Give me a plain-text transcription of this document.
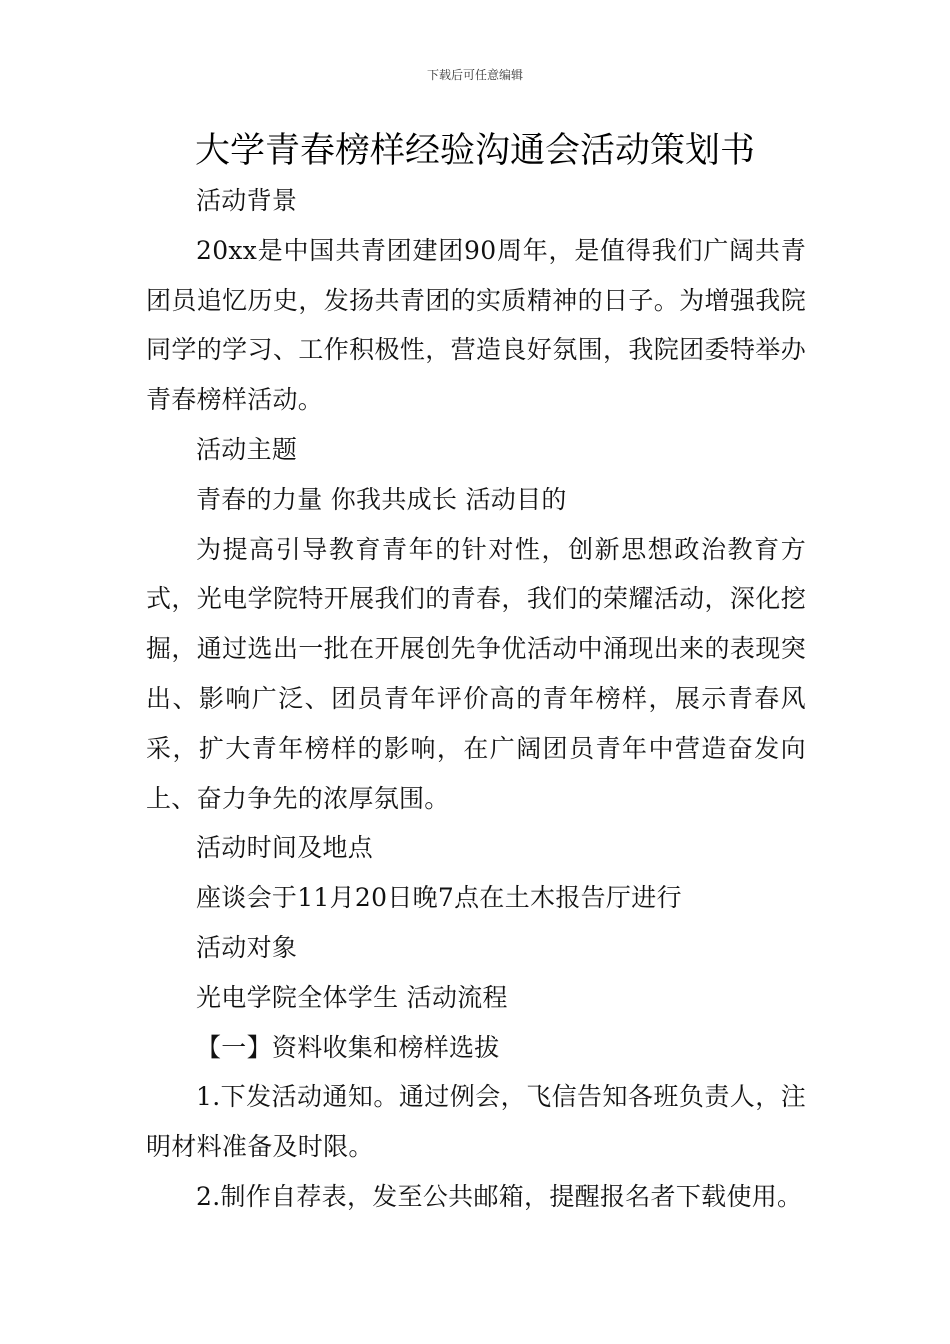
下载后可任意编辑
大学青春榜样经验沟通会活动策划书

活动背景

20xx是中国共青团建团90周年，是值得我们广阔共青团员追忆历史，发扬共青团的实质精神的日子。为增强我院同学的学习、工作积极性，营造良好氛围，我院团委特举办青春榜样活动。

活动主题

青春的力量 你我共成长 活动目的

为提高引导教育青年的针对性，创新思想政治教育方式，光电学院特开展我们的青春，我们的荣耀活动，深化挖掘，通过选出一批在开展创先争优活动中涌现出来的表现突出、影响广泛、团员青年评价高的青年榜样，展示青春风采，扩大青年榜样的影响，在广阔团员青年中营造奋发向上、奋力争先的浓厚氛围。

活动时间及地点

座谈会于11月20日晚7点在土木报告厅进行

活动对象

光电学院全体学生 活动流程

【一】资料收集和榜样选拔

1.下发活动通知。通过例会，飞信告知各班负责人，注明材料准备及时限。

2.制作自荐表，发至公共邮箱，提醒报名者下载使用。
